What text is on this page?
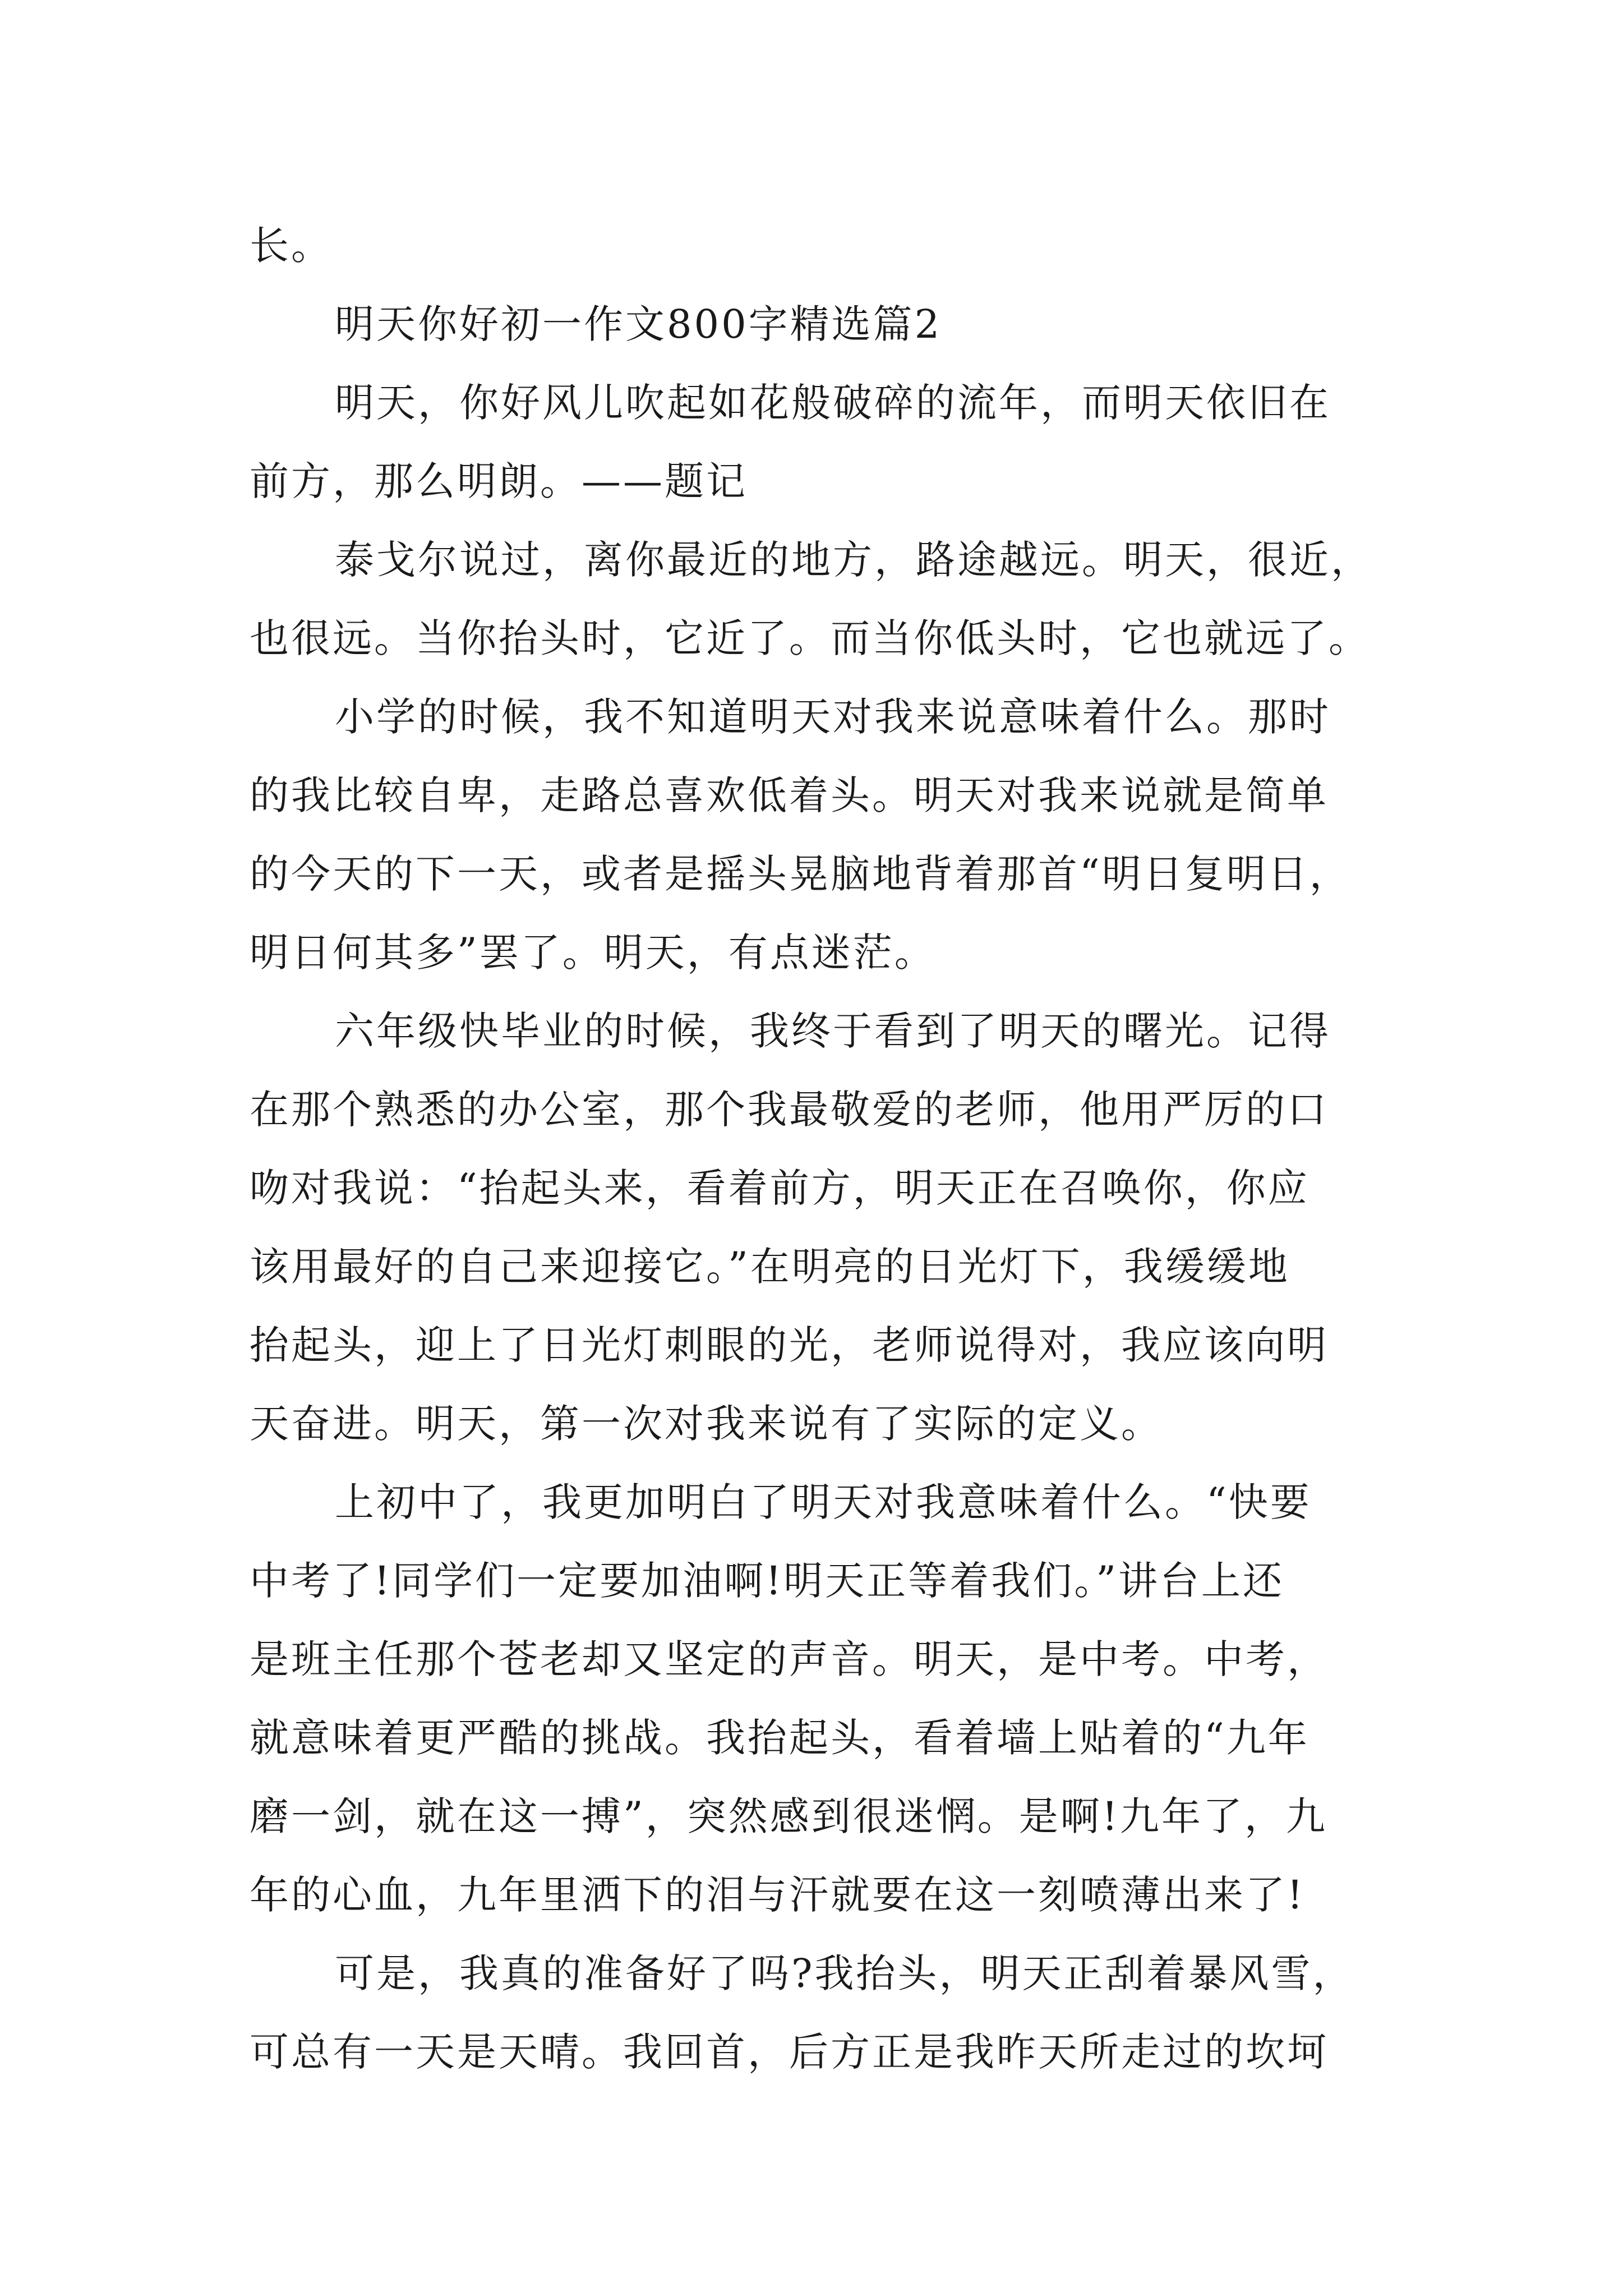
长。
明天你好初一作文800字精选篇2
明天，你好风儿吹起如花般破碎的流年，而明天依旧在
前方，那么明朗。——题记
泰戈尔说过，离你最近的地方，路途越远。明天，很近，
也很远。当你抬头时，它近了。而当你低头时，它也就远了。
小学的时候，我不知道明天对我来说意味着什么。那时
的我比较自卑，走路总喜欢低着头。明天对我来说就是简单
的今天的下一天，或者是摇头晃脑地背着那首“明日复明日，
明日何其多”罢了。明天，有点迷茫。
六年级快毕业的时候，我终于看到了明天的曙光。记得
在那个熟悉的办公室，那个我最敬爱的老师，他用严厉的口
吻对我说：“抬起头来，看着前方，明天正在召唤你，你应
该用最好的自己来迎接它。”在明亮的日光灯下，我缓缓地
抬起头，迎上了日光灯刺眼的光，老师说得对，我应该向明
天奋进。明天，第一次对我来说有了实际的定义。
上初中了，我更加明白了明天对我意味着什么。“快要
中考了!同学们一定要加油啊!明天正等着我们。”讲台上还
是班主任那个苍老却又坚定的声音。明天，是中考。中考，
就意味着更严酷的挑战。我抬起头，看着墙上贴着的“九年
磨一剑，就在这一搏”，突然感到很迷惘。是啊!九年了，九
年的心血，九年里洒下的泪与汗就要在这一刻喷薄出来了!
可是，我真的准备好了吗?我抬头，明天正刮着暴风雪，
可总有一天是天晴。我回首，后方正是我昨天所走过的坎坷
